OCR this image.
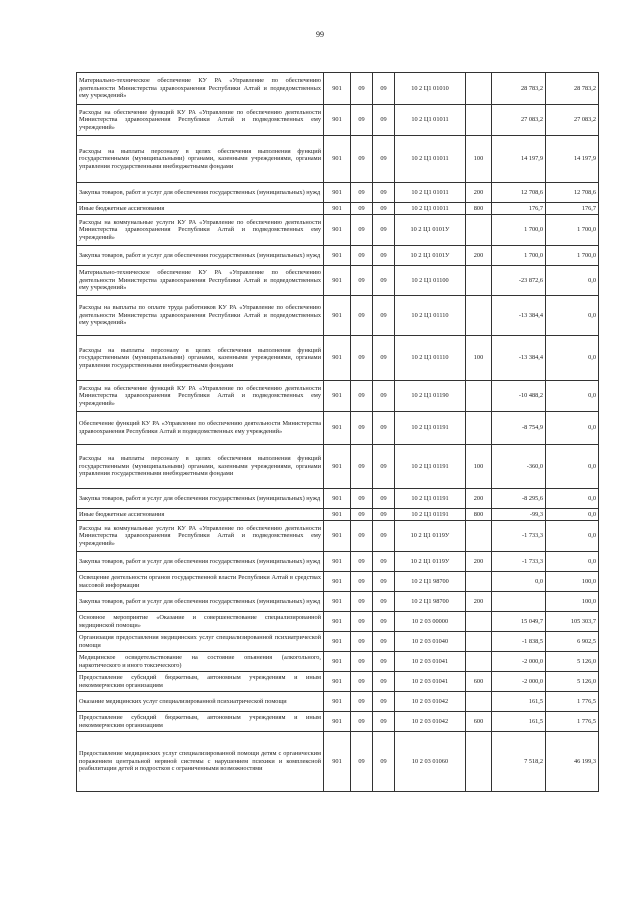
99
Материально-техническое обеспечение КУ РА «Управление по обеспечению деятельности Министерства здравоохранения Республики Алтай и подведомственных ему учреждений»	901	09	09	10 2 Ц1 01010		28 783,2	28 783,2
Расходы на обеспечение функций КУ РА «Управление по обеспечению деятельности Министерства здравоохранения Республики Алтай и подведомственных ему учреждений»	901	09	09	10 2 Ц1 01011		27 083,2	27 083,2
Расходы на выплаты персоналу в целях обеспечения выполнения функций государственными (муниципальными) органами, казенными учреждениями, органами управления государственными внебюджетными фондами	901	09	09	10 2 Ц1 01011	100	14 197,9	14 197,9
Закупка товаров, работ и услуг для обеспечения государственных (муниципальных) нужд	901	09	09	10 2 Ц1 01011	200	12 708,6	12 708,6
Иные бюджетные ассигнования	901	09	09	10 2 Ц1 01011	800	176,7	176,7
Расходы на коммунальные услуги КУ РА «Управление по обеспечению деятельности Министерства здравоохранения Республики Алтай и подведомственных ему учреждений»	901	09	09	10 2 Ц1 0101У		1 700,0	1 700,0
Закупка товаров, работ и услуг для обеспечения государственных (муниципальных) нужд	901	09	09	10 2 Ц1 0101У	200	1 700,0	1 700,0
Материально-техническое обеспечение КУ РА «Управление по обеспечению деятельности Министерства здравоохранения Республики Алтай и подведомственных ему учреждений»	901	09	09	10 2 Ц1 01100		-23 872,6	0,0
Расходы на выплаты по оплате труда работников КУ РА «Управление по обеспечению деятельности Министерства здравоохранения Республики Алтай и подведомственных ему учреждений»	901	09	09	10 2 Ц1 01110		-13 384,4	0,0
Расходы на выплаты персоналу в целях обеспечения выполнения функций государственными (муниципальными) органами, казенными учреждениями, органами управления государственными внебюджетными фондами	901	09	09	10 2 Ц1 01110	100	-13 384,4	0,0
Расходы на обеспечение функций КУ РА «Управление по обеспечению деятельности Министерства здравоохранения Республики Алтай и подведомственных ему учреждений»	901	09	09	10 2 Ц1 01190		-10 488,2	0,0
Обеспечение функций КУ РА «Управление по обеспечению деятельности Министерства здравоохранения Республики Алтай и подведомственных ему учреждений»	901	09	09	10 2 Ц1 01191		-8 754,9	0,0
Расходы на выплаты персоналу в целях обеспечения выполнения функций государственными (муниципальными) органами, казенными учреждениями, органами управления государственными внебюджетными фондами	901	09	09	10 2 Ц1 01191	100	-360,0	0,0
Закупка товаров, работ и услуг для обеспечения государственных (муниципальных) нужд	901	09	09	10 2 Ц1 01191	200	-8 295,6	0,0
Иные бюджетные ассигнования	901	09	09	10 2 Ц1 01191	800	-99,3	0,0
Расходы на коммунальные услуги КУ РА «Управление по обеспечению деятельности Министерства здравоохранения Республики Алтай и подведомственных ему учреждений»	901	09	09	10 2 Ц1 0119У		-1 733,3	0,0
Закупка товаров, работ и услуг для обеспечения государственных (муниципальных) нужд	901	09	09	10 2 Ц1 0119У	200	-1 733,3	0,0
Освещение деятельности органов государственной власти Республики Алтай в средствах массовой информации	901	09	09	10 2 Ц1 98700		0,0	100,0
Закупка товаров, работ и услуг для обеспечения государственных (муниципальных) нужд	901	09	09	10 2 Ц1 98700	200		100,0
Основное мероприятие «Оказание и совершенствование специализированной медицинской помощи»	901	09	09	10 2 03 00000		15 049,7	105 303,7
Организация предоставления медицинских услуг специализированной психиатрической помощи	901	09	09	10 2 03 01040		-1 838,5	6 902,5
Медицинское освидетельствование на состояние опьянения (алкогольного, наркотического и иного токсического)	901	09	09	10 2 03 01041		-2 000,0	5 126,0
Предоставление субсидий бюджетным, автономным учреждениям и иным некоммерческим организациям	901	09	09	10 2 03 01041	600	-2 000,0	5 126,0
Оказание медицинских услуг специализированной психиатрической помощи	901	09	09	10 2 03 01042		161,5	1 776,5
Предоставление субсидий бюджетным, автономным учреждениям и иным некоммерческим организациям	901	09	09	10 2 03 01042	600	161,5	1 776,5
Предоставление медицинских услуг специализированной помощи детям с органическим поражением центральной нервной системы с нарушением психики и комплексной реабилитации детей и подростков с ограниченными возможностями	901	09	09	10 2 03 01060		7 518,2	46 199,3
